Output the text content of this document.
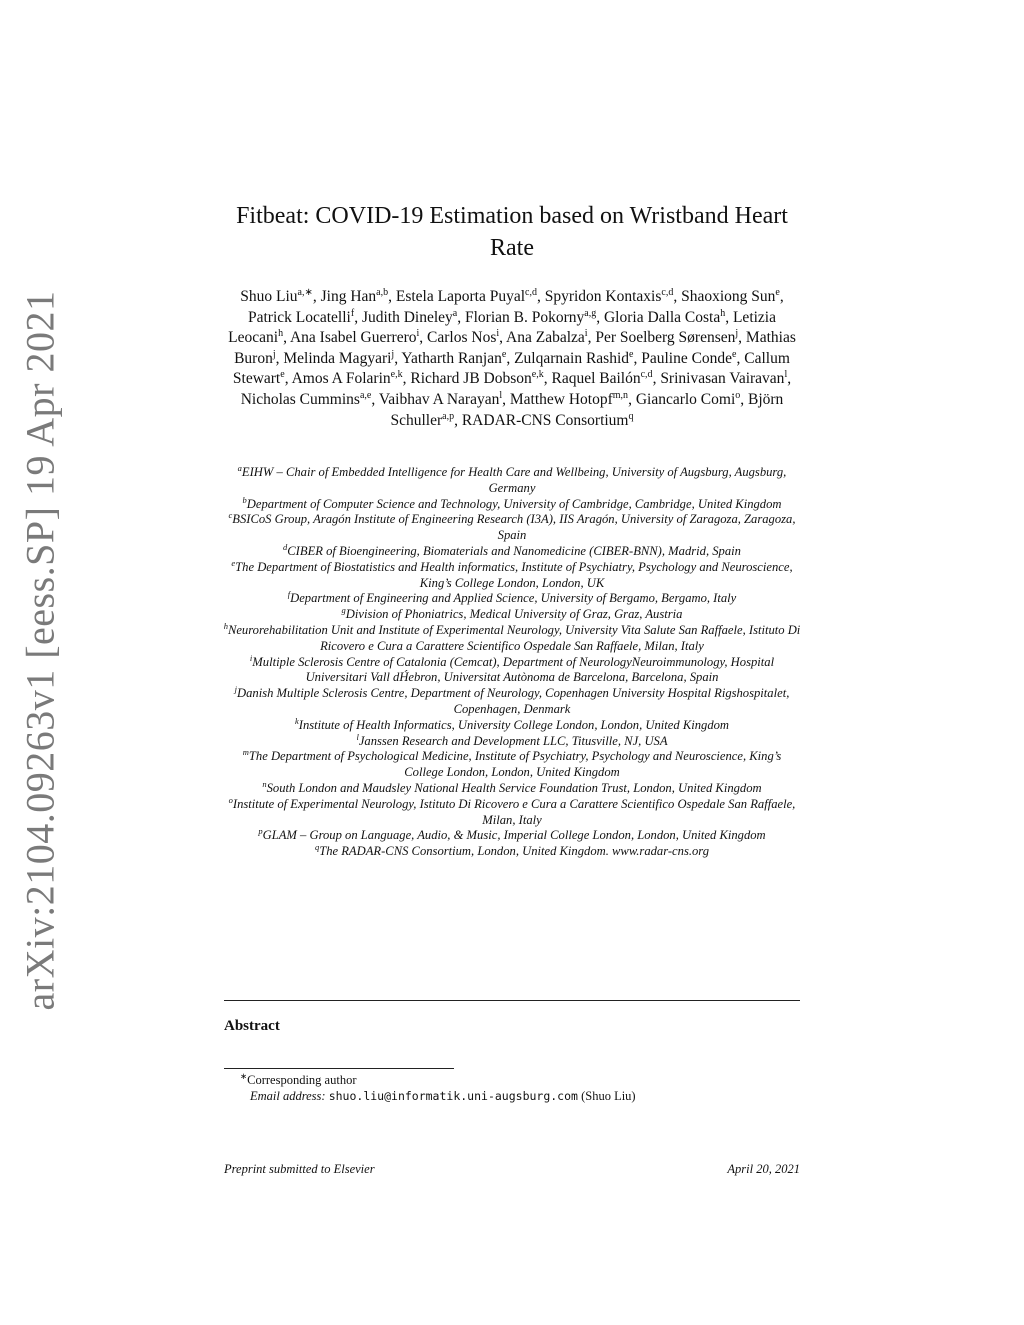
arXiv:2104.09263v1 [eess.SP] 19 Apr 2021
Fitbeat: COVID-19 Estimation based on Wristband Heart Rate
Shuo Liu$^{a,∗}$, Jing Han$^{a,b}$, Estela Laporta Puyal$^{c,d}$, Spyridon Kontaxis$^{c,d}$, Shaoxiong Sun$^e$, Patrick Locatelli$^f$, Judith Dineley$^a$, Florian B. Pokorny$^{a,g}$, Gloria Dalla Costa$^h$, Letizia Leocani$^h$, Ana Isabel Guerrero$^i$, Carlos Nos$^i$, Ana Zabalza$^i$, Per Soelberg Sørensen$^j$, Mathias Buron$^j$, Melinda Magyari$^j$, Yatharth Ranjan$^e$, Zulqarnain Rashid$^e$, Pauline Conde$^e$, Callum Stewart$^e$, Amos A Folarin$^{e,k}$, Richard JB Dobson$^{e,k}$, Raquel Bailón$^{c,d}$, Srinivasan Vairavan$^l$, Nicholas Cummins$^{a,e}$, Vaibhav A Narayan$^l$, Matthew Hotopf$^{m,n}$, Giancarlo Comi$^o$, Björn Schuller$^{a,p}$, RADAR-CNS Consortium$^q$
$^a$EIHW – Chair of Embedded Intelligence for Health Care and Wellbeing, University of Augsburg, Augsburg, Germany
$^b$Department of Computer Science and Technology, University of Cambridge, Cambridge, United Kingdom
$^c$BSICoS Group, Aragón Institute of Engineering Research (I3A), IIS Aragón, University of Zaragoza, Zaragoza, Spain
$^d$CIBER of Bioengineering, Biomaterials and Nanomedicine (CIBER-BNN), Madrid, Spain
$^e$The Department of Biostatistics and Health informatics, Institute of Psychiatry, Psychology and Neuroscience, King’s College London, London, UK
$^f$Department of Engineering and Applied Science, University of Bergamo, Bergamo, Italy
$^g$Division of Phoniatrics, Medical University of Graz, Graz, Austria
$^h$Neurorehabilitation Unit and Institute of Experimental Neurology, University Vita Salute San Raffaele, Istituto Di Ricovero e Cura a Carattere Scientifico Ospedale San Raffaele, Milan, Italy
$^i$Multiple Sclerosis Centre of Catalonia (Cemcat), Department of NeurologyNeuroimmunology, Hospital Universitari Vall dH́ebron, Universitat Autònoma de Barcelona, Barcelona, Spain
$^j$Danish Multiple Sclerosis Centre, Department of Neurology, Copenhagen University Hospital Rigshospitalet, Copenhagen, Denmark
$^k$Institute of Health Informatics, University College London, London, United Kingdom
$^l$Janssen Research and Development LLC, Titusville, NJ, USA
$^m$The Department of Psychological Medicine, Institute of Psychiatry, Psychology and Neuroscience, King’s College London, London, United Kingdom
$^n$South London and Maudsley National Health Service Foundation Trust, London, United Kingdom
$^o$Institute of Experimental Neurology, Istituto Di Ricovero e Cura a Carattere Scientifico Ospedale San Raffaele, Milan, Italy
$^p$GLAM – Group on Language, Audio, & Music, Imperial College London, London, United Kingdom
$^q$The RADAR-CNS Consortium, London, United Kingdom. www.radar-cns.org
Abstract
∗Corresponding author
Email address: shuo.liu@informatik.uni-augsburg.com (Shuo Liu)
Preprint submitted to Elsevier	April 20, 2021
